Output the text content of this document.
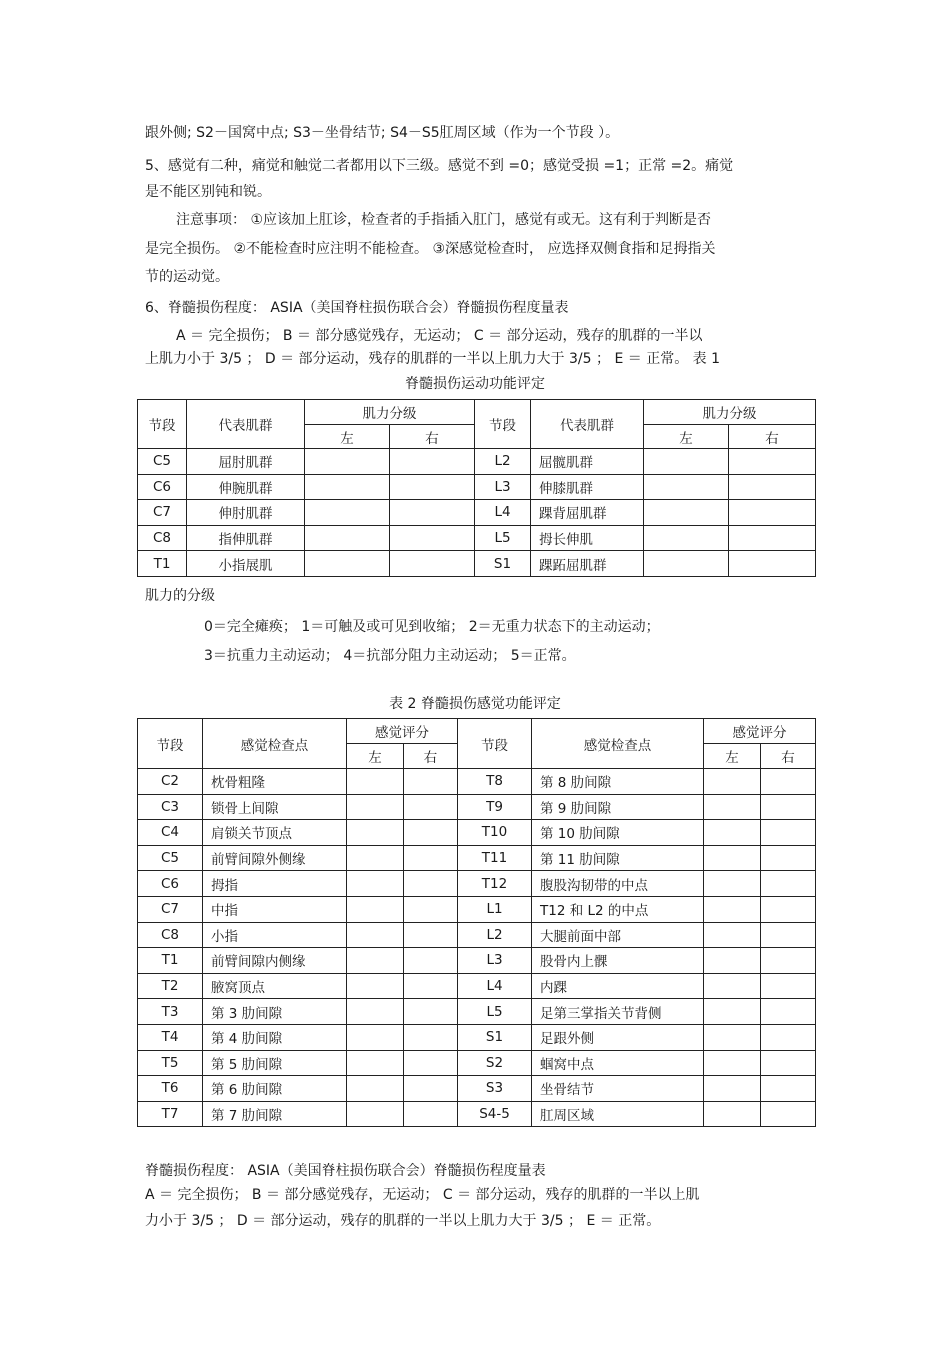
跟外侧; S2－国窝中点; S3－坐骨结节; S4－S5肛周区域（作为一个节段 ）。
5、感觉有二种，痛觉和触觉二者都用以下三级。感觉不到 =0；感觉受损 =1；正常 =2。痛觉
是不能区别钝和锐。
注意事项： ①应该加上肛诊，检查者的手指插入肛门，感觉有或无。这有利于判断是否
是完全损伤。 ②不能检查时应注明不能检查。 ③深感觉检查时， 应选择双侧食指和足拇指关
节的运动觉。
6、脊髓损伤程度： ASIA（美国脊柱损伤联合会）脊髓损伤程度量表
A ＝ 完全损伤； B ＝ 部分感觉残存，无运动； C ＝ 部分运动，残存的肌群的一半以
上肌力小于 3/5 ； D ＝ 部分运动，残存的肌群的一半以上肌力大于 3/5 ； E ＝ 正常。 表 1
脊髓损伤运动功能评定
节段	代表肌群	肌力分级		节段	代表肌群	肌力分级	
		左	右			左	右
C5	屈肘肌群			L2	屈髋肌群		
C6	伸腕肌群			L3	伸膝肌群		
C7	伸肘肌群			L4	踝背屈肌群		
C8	指伸肌群			L5	拇长伸肌		
T1	小指展肌			S1	踝跖屈肌群		
肌力的分级
0＝完全瘫痪； 1＝可触及或可见到收缩； 2＝无重力状态下的主动运动；
3＝抗重力主动运动； 4＝抗部分阻力主动运动； 5＝正常。
表 2 脊髓损伤感觉功能评定
节段	感觉检查点	感觉评分		节段	感觉检查点	感觉评分	
		左	右			左	右
C2	枕骨粗隆			T8	第 8 肋间隙		
C3	锁骨上间隙			T9	第 9 肋间隙		
C4	肩锁关节顶点			T10	第 10 肋间隙		
C5	前臂间隙外侧缘			T11	第 11 肋间隙		
C6	拇指			T12	腹股沟韧带的中点		
C7	中指			L1	T12 和 L2 的中点		
C8	小指			L2	大腿前面中部		
T1	前臂间隙内侧缘			L3	股骨内上髁		
T2	腋窝顶点			L4	内踝		
T3	第 3 肋间隙			L5	足第三掌指关节背侧		
T4	第 4 肋间隙			S1	足跟外侧		
T5	第 5 肋间隙			S2	蝈窝中点		
T6	第 6 肋间隙			S3	坐骨结节		
T7	第 7 肋间隙			S4-5	肛周区域		
脊髓损伤程度： ASIA（美国脊柱损伤联合会）脊髓损伤程度量表
A ＝ 完全损伤； B ＝ 部分感觉残存，无运动； C ＝ 部分运动，残存的肌群的一半以上肌
力小于 3/5 ； D ＝ 部分运动，残存的肌群的一半以上肌力大于 3/5 ； E ＝ 正常。
